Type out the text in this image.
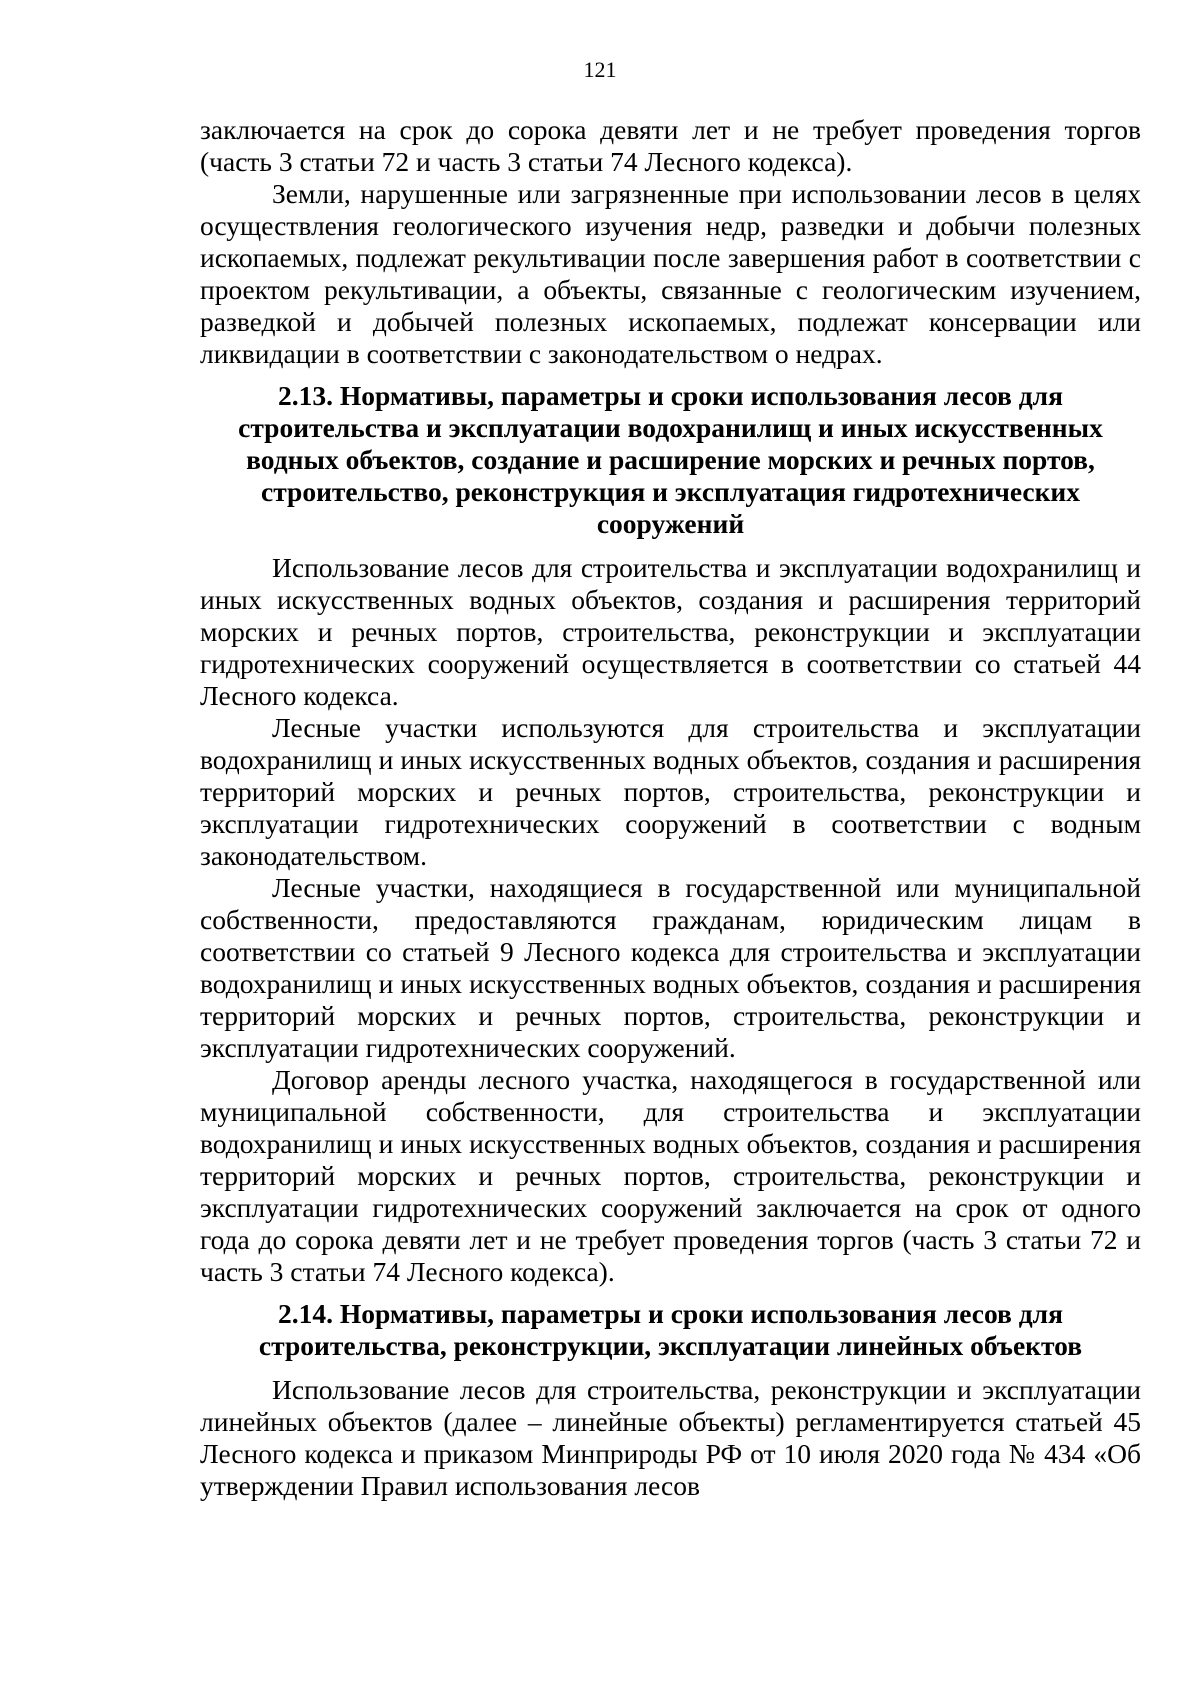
121

заключается на срок до сорока девяти лет и не требует проведения торгов (часть 3 статьи 72 и часть 3 статьи 74 Лесного кодекса).

Земли, нарушенные или загрязненные при использовании лесов в целях осуществления геологического изучения недр, разведки и добычи полезных ископаемых, подлежат рекультивации после завершения работ в соответствии с проектом рекультивации, а объекты, связанные с геологическим изучением, разведкой и добычей полезных ископаемых, подлежат консервации или ликвидации в соответствии с законодательством о недрах.

2.13. Нормативы, параметры и сроки использования лесов для строительства и эксплуатации водохранилищ и иных искусственных водных объектов, создание и расширение морских и речных портов, строительство, реконструкция и эксплуатация гидротехнических сооружений

Использование лесов для строительства и эксплуатации водохранилищ и иных искусственных водных объектов, создания и расширения территорий морских и речных портов, строительства, реконструкции и эксплуатации гидротехнических сооружений осуществляется в соответствии со статьей 44 Лесного кодекса.

Лесные участки используются для строительства и эксплуатации водохранилищ и иных искусственных водных объектов, создания и расширения территорий морских и речных портов, строительства, реконструкции и эксплуатации гидротехнических сооружений в соответствии с водным законодательством.

Лесные участки, находящиеся в государственной или муниципальной собственности, предоставляются гражданам, юридическим лицам в соответствии со статьей 9 Лесного кодекса для строительства и эксплуатации водохранилищ и иных искусственных водных объектов, создания и расширения территорий морских и речных портов, строительства, реконструкции и эксплуатации гидротехнических сооружений.

Договор аренды лесного участка, находящегося в государственной или муниципальной собственности, для строительства и эксплуатации водохранилищ и иных искусственных водных объектов, создания и расширения территорий морских и речных портов, строительства, реконструкции и эксплуатации гидротехнических сооружений заключается на срок от одного года до сорока девяти лет и не требует проведения торгов (часть 3 статьи 72 и часть 3 статьи 74 Лесного кодекса).

2.14. Нормативы, параметры и сроки использования лесов для строительства, реконструкции, эксплуатации линейных объектов

Использование лесов для строительства, реконструкции и эксплуатации линейных объектов (далее – линейные объекты) регламентируется статьей 45 Лесного кодекса и приказом Минприроды РФ от 10 июля 2020 года № 434 «Об утверждении Правил использования лесов
